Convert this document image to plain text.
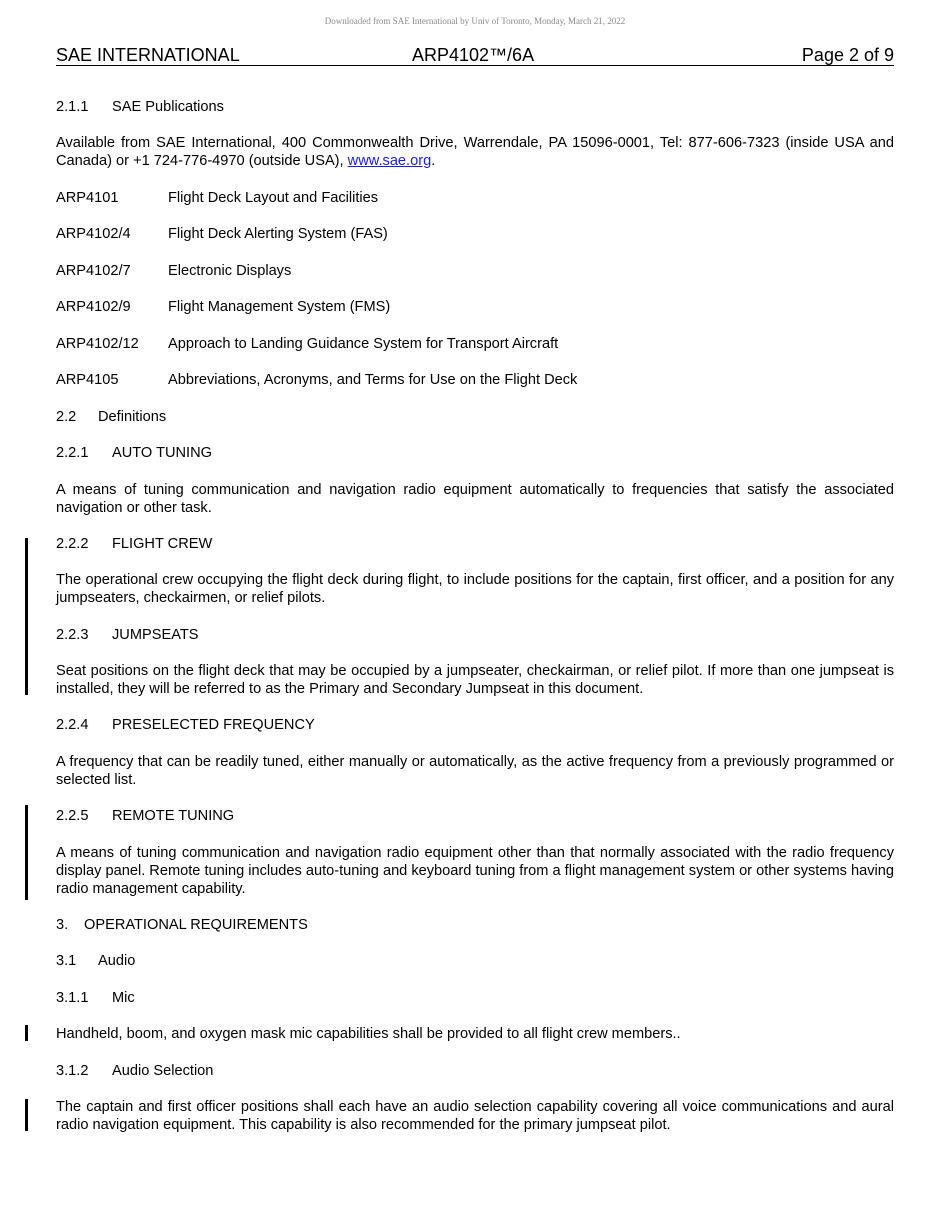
Downloaded from SAE International by Univ of Toronto, Monday, March 21, 2022
SAE INTERNATIONAL	ARP4102™/6A	Page 2 of 9
2.1.1 SAE Publications
Available from SAE International, 400 Commonwealth Drive, Warrendale, PA 15096-0001, Tel: 877-606-7323 (inside USA and Canada) or +1 724-776-4970 (outside USA), www.sae.org.
ARP4101	Flight Deck Layout and Facilities
ARP4102/4	Flight Deck Alerting System (FAS)
ARP4102/7	Electronic Displays
ARP4102/9	Flight Management System (FMS)
ARP4102/12 Approach to Landing Guidance System for Transport Aircraft
ARP4105	Abbreviations, Acronyms, and Terms for Use on the Flight Deck
2.2 Definitions
2.2.1 AUTO TUNING
A means of tuning communication and navigation radio equipment automatically to frequencies that satisfy the associated navigation or other task.
2.2.2 FLIGHT CREW
The operational crew occupying the flight deck during flight, to include positions for the captain, first officer, and a position for any jumpseaters, checkairmen, or relief pilots.
2.2.3 JUMPSEATS
Seat positions on the flight deck that may be occupied by a jumpseater, checkairman, or relief pilot. If more than one jumpseat is installed, they will be referred to as the Primary and Secondary Jumpseat in this document.
2.2.4 PRESELECTED FREQUENCY
A frequency that can be readily tuned, either manually or automatically, as the active frequency from a previously programmed or selected list.
2.2.5 REMOTE TUNING
A means of tuning communication and navigation radio equipment other than that normally associated with the radio frequency display panel. Remote tuning includes auto-tuning and keyboard tuning from a flight management system or other systems having radio management capability.
3. OPERATIONAL REQUIREMENTS
3.1 Audio
3.1.1 Mic
Handheld, boom, and oxygen mask mic capabilities shall be provided to all flight crew members..
3.1.2 Audio Selection
The captain and first officer positions shall each have an audio selection capability covering all voice communications and aural radio navigation equipment. This capability is also recommended for the primary jumpseat pilot.
